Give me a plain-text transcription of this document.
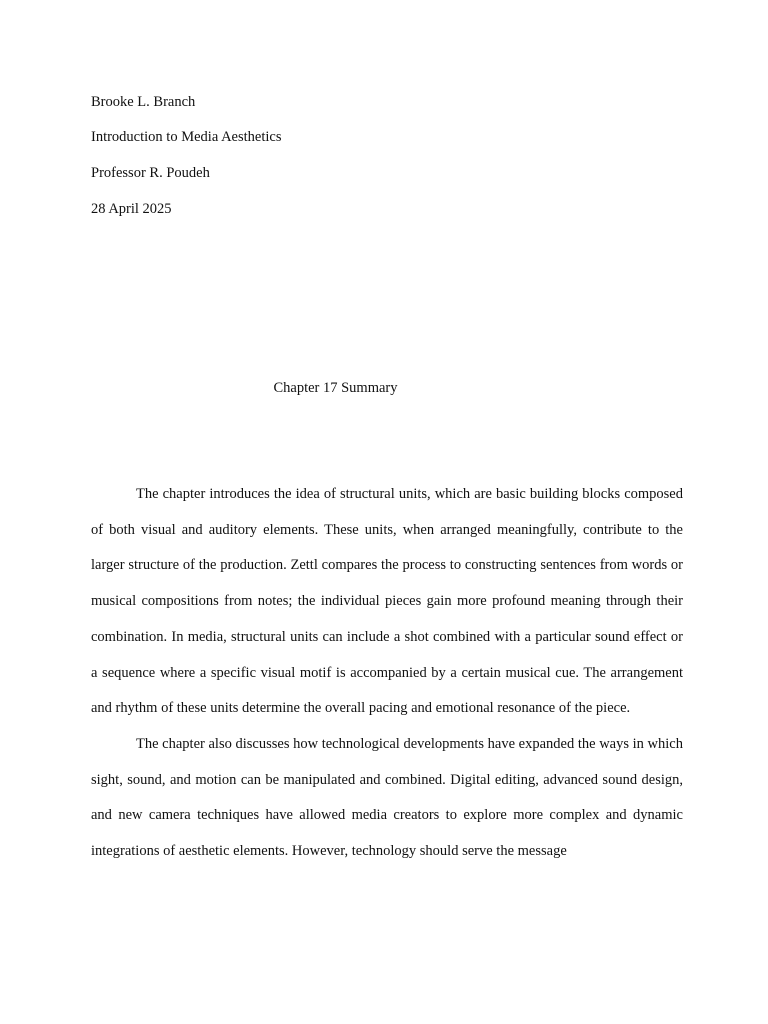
Brooke L. Branch
Introduction to Media Aesthetics
Professor R. Poudeh
28 April 2025
Chapter 17 Summary

The chapter introduces the idea of structural units, which are basic building blocks composed of both visual and auditory elements. These units, when arranged meaningfully, contribute to the larger structure of the production. Zettl compares the process to constructing sentences from words or musical compositions from notes; the individual pieces gain more profound meaning through their combination. In media, structural units can include a shot combined with a particular sound effect or a sequence where a specific visual motif is accompanied by a certain musical cue. The arrangement and rhythm of these units determine the overall pacing and emotional resonance of the piece.

The chapter also discusses how technological developments have expanded the ways in which sight, sound, and motion can be manipulated and combined. Digital editing, advanced sound design, and new camera techniques have allowed media creators to explore more complex and dynamic integrations of aesthetic elements. However, technology should serve the message
